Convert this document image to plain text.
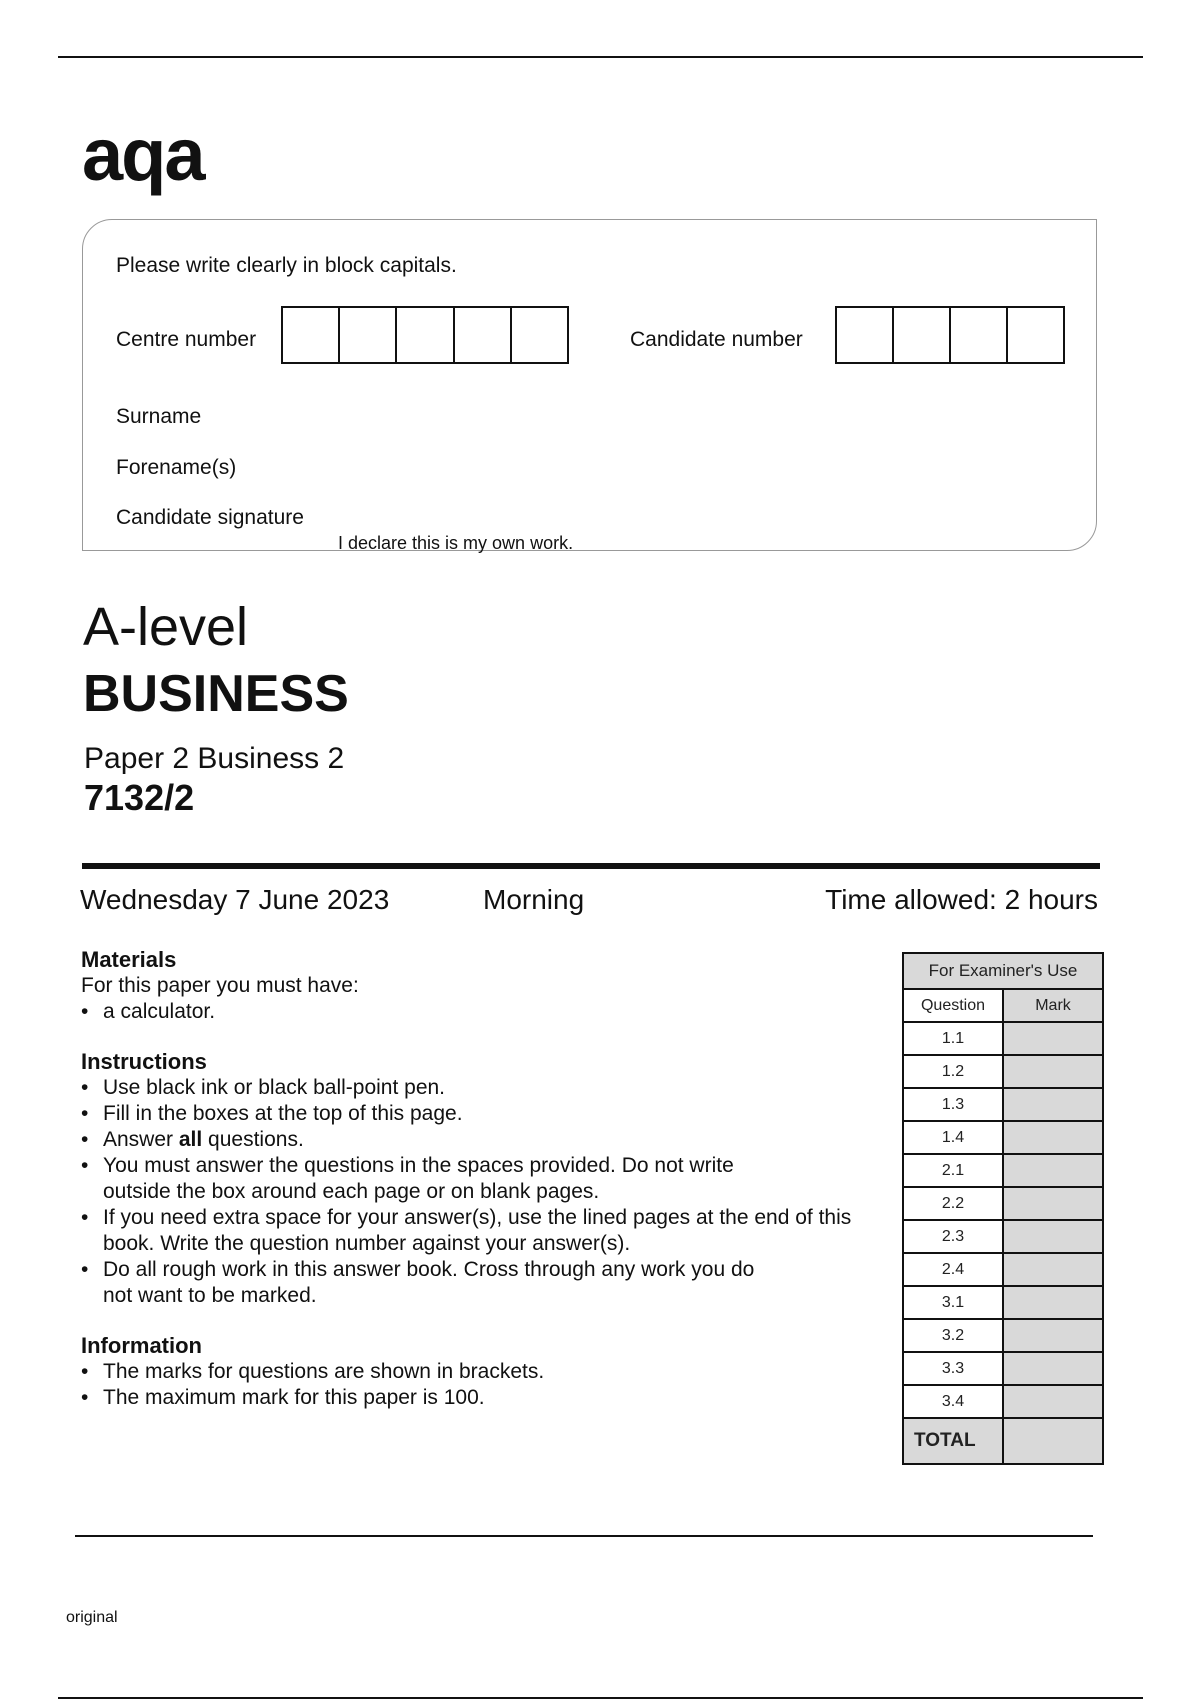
aqa
Please write clearly in block capitals.
Centre number	Candidate number
Surname
Forename(s)
Candidate signature
I declare this is my own work.
A-level
BUSINESS
Paper 2 Business 2
7132/2
Wednesday 7 June 2023	Morning	Time allowed: 2 hours
Materials
For this paper you must have:
• a calculator.
Instructions
• Use black ink or black ball-point pen.
• Fill in the boxes at the top of this page.
• Answer all questions.
• You must answer the questions in the spaces provided. Do not write outside the box around each page or on blank pages.
• If you need extra space for your answer(s), use the lined pages at the end of this book. Write the question number against your answer(s).
• Do all rough work in this answer book. Cross through any work you do not want to be marked.
Information
• The marks for questions are shown in brackets.
• The maximum mark for this paper is 100.
For Examiner's Use	
Question	Mark
1.1	
1.2	
1.3	
1.4	
2.1	
2.2	
2.3	
2.4	
3.1	
3.2	
3.3	
3.4	
TOTAL	
original
